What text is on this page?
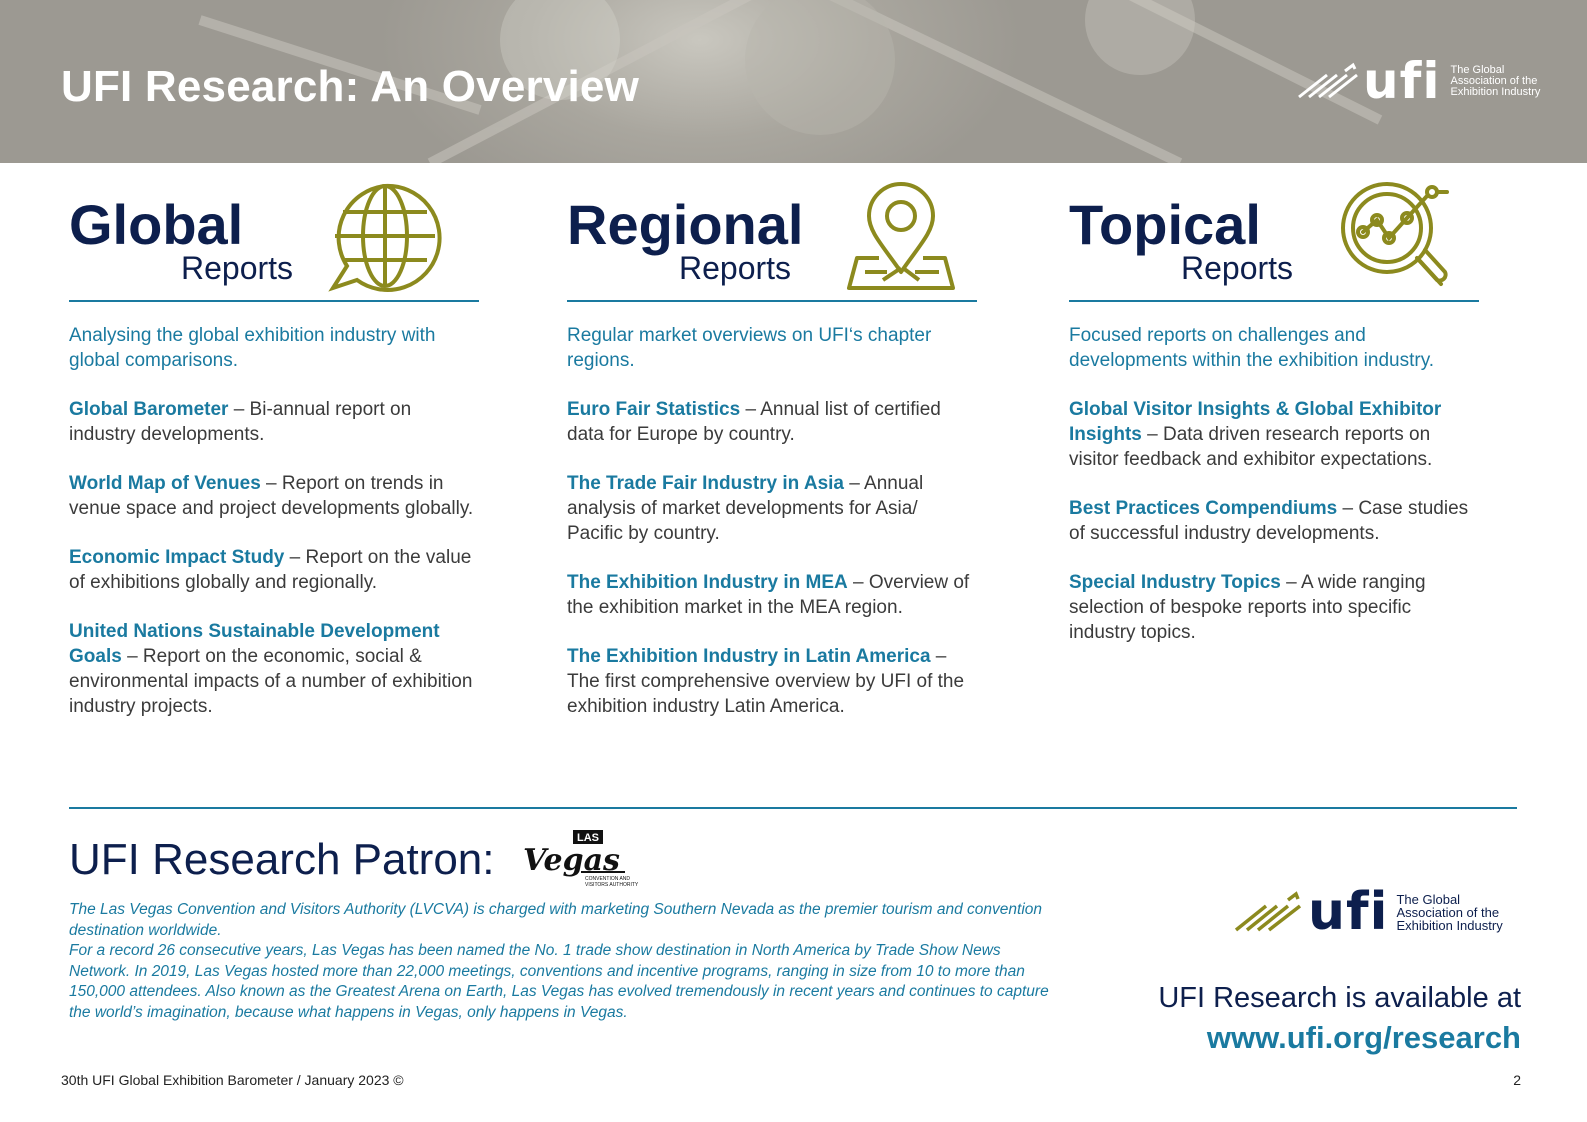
UFI Research: An Overview	ufi The Global
Association of the
Exhibition Industry
Global
Reports

Analysing the global exhibition industry with global comparisons.

Global Barometer – Bi-annual report on industry developments.

World Map of Venues – Report on trends in venue space and project developments globally.

Economic Impact Study – Report on the value of exhibitions globally and regionally.

United Nations Sustainable Development Goals – Report on the economic, social & environmental impacts of a number of exhibition industry projects.

Regional
Reports

Regular market overviews on UFI‘s chapter regions.

Euro Fair Statistics – Annual list of certified data for Europe by country.

The Trade Fair Industry in Asia – Annual analysis of market developments for Asia/ Pacific by country.

The Exhibition Industry in MEA – Overview of the exhibition market in the MEA region.

The Exhibition Industry in Latin America – The first comprehensive overview by UFI of the exhibition industry Latin America.

Topical
Reports

Focused reports on challenges and developments within the exhibition industry.

Global Visitor Insights & Global Exhibitor Insights – Data driven research reports on visitor feedback and exhibitor expectations.

Best Practices Compendiums – Case studies of successful industry developments.

Special Industry Topics – A wide ranging selection of bespoke reports into specific industry topics.

UFI Research Patron:	LAS
Vegas
CONVENTION AND
VISITORS AUTHORITY

The Las Vegas Convention and Visitors Authority (LVCVA) is charged with marketing Southern Nevada as the premier tourism and convention destination worldwide.

For a record 26 consecutive years, Las Vegas has been named the No. 1 trade show destination in North America by Trade Show News Network. In 2019, Las Vegas hosted more than 22,000 meetings, conventions and incentive programs, ranging in size from 10 to more than 150,000 attendees. Also known as the Greatest Arena on Earth, Las Vegas has evolved tremendously in recent years and continues to capture the world’s imagination, because what happens in Vegas, only happens in Vegas.

ufi The Global
Association of the
Exhibition Industry
UFI Research is available at
www.ufi.org/research
30th UFI Global Exhibition Barometer / January 2023 ©	2
